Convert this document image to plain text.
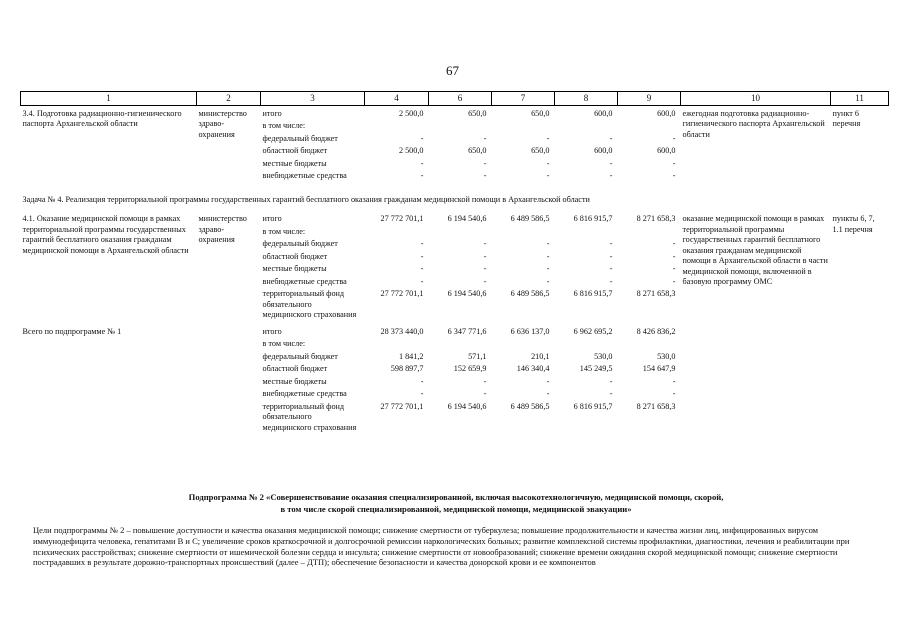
67
1	2	3	4	6	7	8	9	10	11

3.4. Подготовка радиационно-гигиенического паспорта Архангельской области	министерство здраво-охранения	итого	2 500,0	650,0	650,0	600,0	600,0	ежегодная подготовка радиационно-гигиенического паспорта Архангельской области	пункт 6 перечня
		в том числе:							
		федеральный бюджет	-	-	-	-	-		
		областной бюджет	2 500,0	650,0	650,0	600,0	600,0		
		местные бюджеты	-	-	-	-	-		
		внебюджетные средства	-	-	-	-	-		
Задача № 4. Реализация территориальной программы государственных гарантий бесплатного оказания гражданам медицинской помощи в Архангельской области									
4.1. Оказание медицинской помощи в рамках территориальной программы государственных гарантий бесплатного оказания гражданам медицинской помощи в Архангельской области	министерство здраво-охранения	итого	27 772 701,1	6 194 540,6	6 489 586,5	6 816 915,7	8 271 658,3	оказание медицинской помощи в рамках территориальной программы государственных гарантий бесплатного оказания гражданам медицинской помощи в Архангельской области в части медицинской помощи, включенной в базовую программу ОМС	пункты 6, 7, 1.1 перечня
		в том числе:							
		федеральный бюджет	-	-	-	-	-		
		областной бюджет	-	-	-	-	-		
		местные бюджеты	-	-	-	-	-		
		внебюджетные средства	-	-	-	-	-		
		территориальный фонд обязательного медицинского страхования	27 772 701,1	6 194 540,6	6 489 586,5	6 816 915,7	8 271 658,3		

Всего по подпрограмме № 1		итого	28 373 440,0	6 347 771,6	6 636 137,0	6 962 695,2	8 426 836,2		
		в том числе:							
		федеральный бюджет	1 841,2	571,1	210,1	530,0	530,0		
		областной бюджет	598 897,7	152 659,9	146 340,4	145 249,5	154 647,9		
		местные бюджеты	-	-	-	-	-		
		внебюджетные средства	-	-	-	-	-		
		территориальный фонд обязательного медицинского страхования	27 772 701,1	6 194 540,6	6 489 586,5	6 816 915,7	8 271 658,3		
Подпрограмма № 2 «Совершенствование оказания специализированной, включая высокотехнологичную, медицинской помощи, скорой,
в том числе скорой специализированной, медицинской помощи, медицинской эвакуации»
Цели подпрограммы № 2 – повышение доступности и качества оказания медицинской помощи; снижение смертности от туберкулеза; повышение продолжительности и качества жизни лиц, инфицированных вирусом иммунодефицита человека, гепатитами B и C; увеличение сроков краткосрочной и долгосрочной ремиссии наркологических больных; развитие комплексной системы профилактики, диагностики, лечения и реабилитации при психических расстройствах; снижение смертности от ишемической болезни сердца и инсульта; снижение смертности от новообразований; снижение времени ожидания скорой медицинской помощи; снижение смертности пострадавших в результате дорожно-транспортных происшествий (далее – ДТП); обеспечение безопасности и качества донорской крови и ее компонентов
